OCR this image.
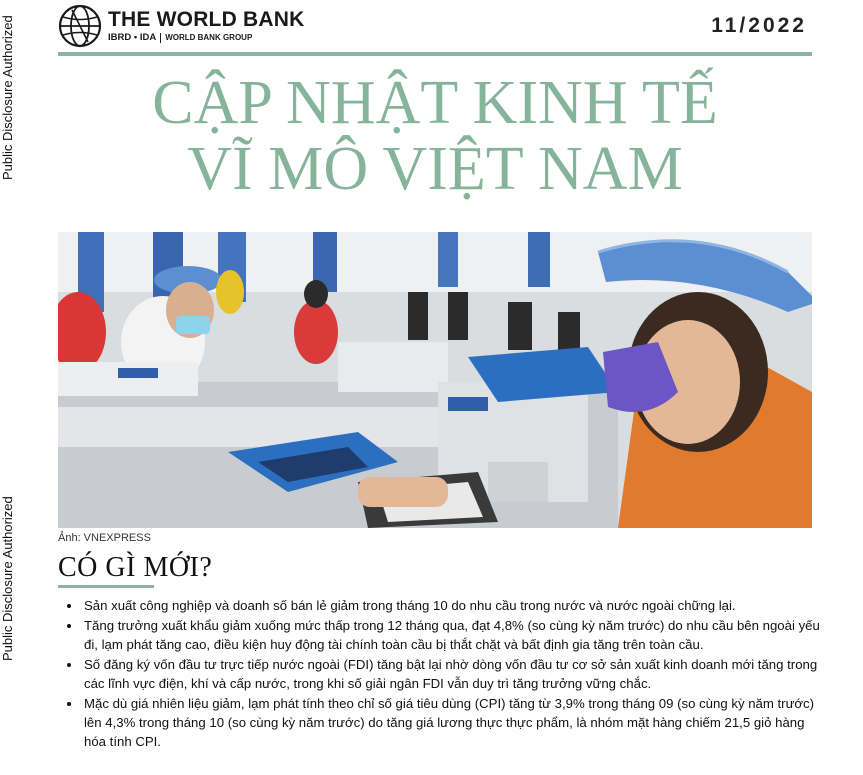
Public Disclosure Authorized
Public Disclosure Authorized
THE WORLD BANK
IBRD • IDA WORLD BANK GROUP
11/2022
CẬP NHẬT KINH TẾ
VĨ MÔ VIỆT NAM
Ảnh: VNEXPRESS
CÓ GÌ MỚI?
• Sản xuất công nghiệp và doanh số bán lẻ giảm trong tháng 10 do nhu cầu trong nước và nước ngoài chững lại.
• Tăng trưởng xuất khẩu giảm xuống mức thấp trong 12 tháng qua, đạt 4,8% (so cùng kỳ năm trước) do nhu cầu bên ngoài yếu đi, lạm phát tăng cao, điều kiện huy động tài chính toàn cầu bị thắt chặt và bất định gia tăng trên toàn cầu.
• Số đăng ký vốn đầu tư trực tiếp nước ngoài (FDI) tăng bật lại nhờ dòng vốn đầu tư cơ sở sản xuất kinh doanh mới tăng trong các lĩnh vực điện, khí và cấp nước, trong khi số giải ngân FDI vẫn duy trì tăng trưởng vững chắc.
• Mặc dù giá nhiên liệu giảm, lạm phát tính theo chỉ số giá tiêu dùng (CPI) tăng từ 3,9% trong tháng 09 (so cùng kỳ năm trước) lên 4,3% trong tháng 10 (so cùng kỳ năm trước) do tăng giá lương thực thực phẩm, là nhóm mặt hàng chiếm 21,5 giỏ hàng hóa tính CPI.
